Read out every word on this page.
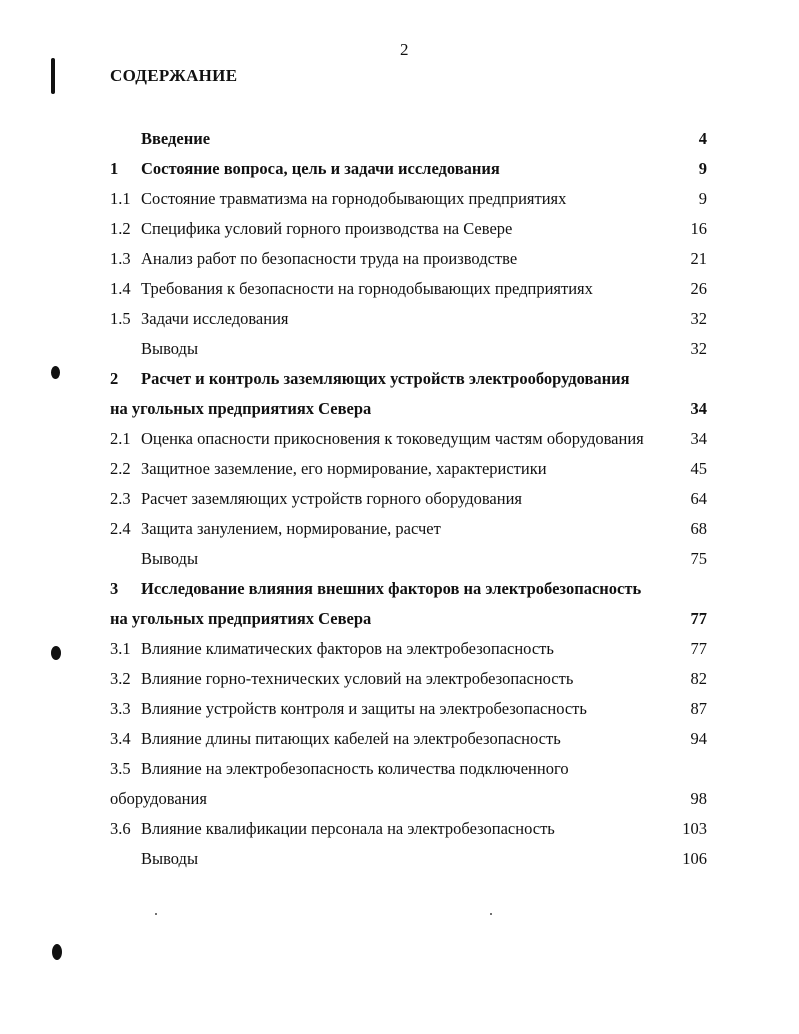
2
СОДЕРЖАНИЕ
Введение	4
1 Состояние вопроса, цель и задачи исследования	9
1.1 Состояние травматизма на горнодобывающих предприятиях	9
1.2 Специфика условий горного производства на Севере	16
1.3 Анализ работ по безопасности труда на производстве	21
1.4 Требования к безопасности на горнодобывающих предприятиях	26
1.5 Задачи исследования	32
Выводы	32
2 Расчет и контроль заземляющих устройств электрооборудования
на угольных предприятиях Севера	34
2.1 Оценка опасности прикосновения к токоведущим частям оборудования	34
2.2 Защитное заземление, его нормирование, характеристики	45
2.3 Расчет заземляющих устройств горного оборудования	64
2.4 Защита занулением, нормирование, расчет	68
Выводы	75
3 Исследование влияния внешних факторов на электробезопасность
на угольных предприятиях Севера	77
3.1 Влияние климатических факторов на электробезопасность	77
3.2 Влияние горно-технических условий на электробезопасность	82
3.3 Влияние устройств контроля и защиты на электробезопасность	87
3.4 Влияние длины питающих кабелей на электробезопасность	94
3.5 Влияние на электробезопасность количества подключенного
оборудования	98
3.6 Влияние квалификации персонала на электробезопасность	103
Выводы	106
